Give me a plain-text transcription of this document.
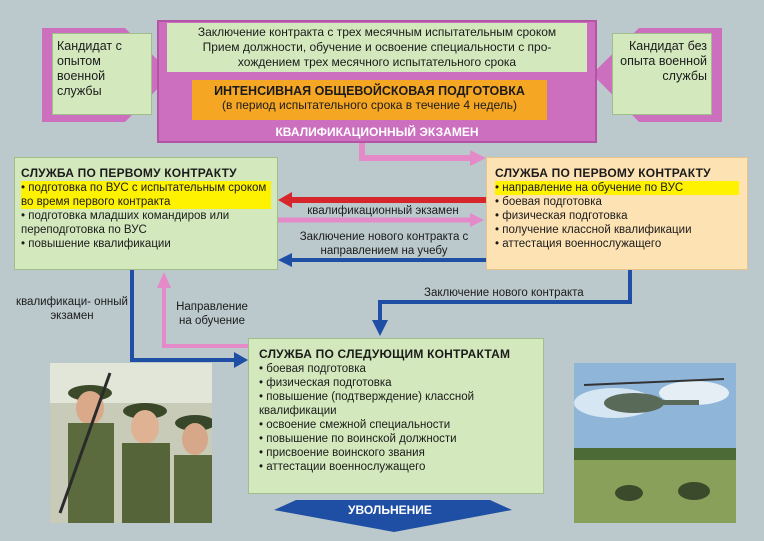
Заключение контракта с трех месячным испытательным сроком
Прием должности, обучение и освоение специальности с про-
хождением трех месячного испытательного срока
ИНТЕНСИВНАЯ ОБЩЕВОЙСКОВАЯ ПОДГОТОВКА
(в период испытательного срока в течение 4 недель)
КВАЛИФИКАЦИОННЫЙ ЭКЗАМЕН
Кандидат с опытом военной службы
Кандидат без опыта военной службы
СЛУЖБА ПО ПЕРВОМУ КОНТРАКТУ
• подготовка по ВУС с испытательным сроком во время первого контракта
• подготовка младших командиров или переподготовка по ВУС
• повышение квалификации
СЛУЖБА ПО ПЕРВОМУ КОНТРАКТУ
• направление на обучение по ВУС
• боевая подготовка
• физическая подготовка
• получение классной квалификации
• аттестация военнослужащего
СЛУЖБА ПО СЛЕДУЮЩИМ КОНТРАКТАМ
• боевая подготовка
• физическая подготовка
• повышение (подтверждение) классной квалификации
• освоение смежной специальности
• повышение по воинской должности
• присвоение воинского звания
• аттестации военнослужащего
квалификационный экзамен
Заключение нового контракта с направлением на учебу
Заключение нового контракта
квалификаци- онный экзамен
Направление на обучение
УВОЛЬНЕНИЕ
